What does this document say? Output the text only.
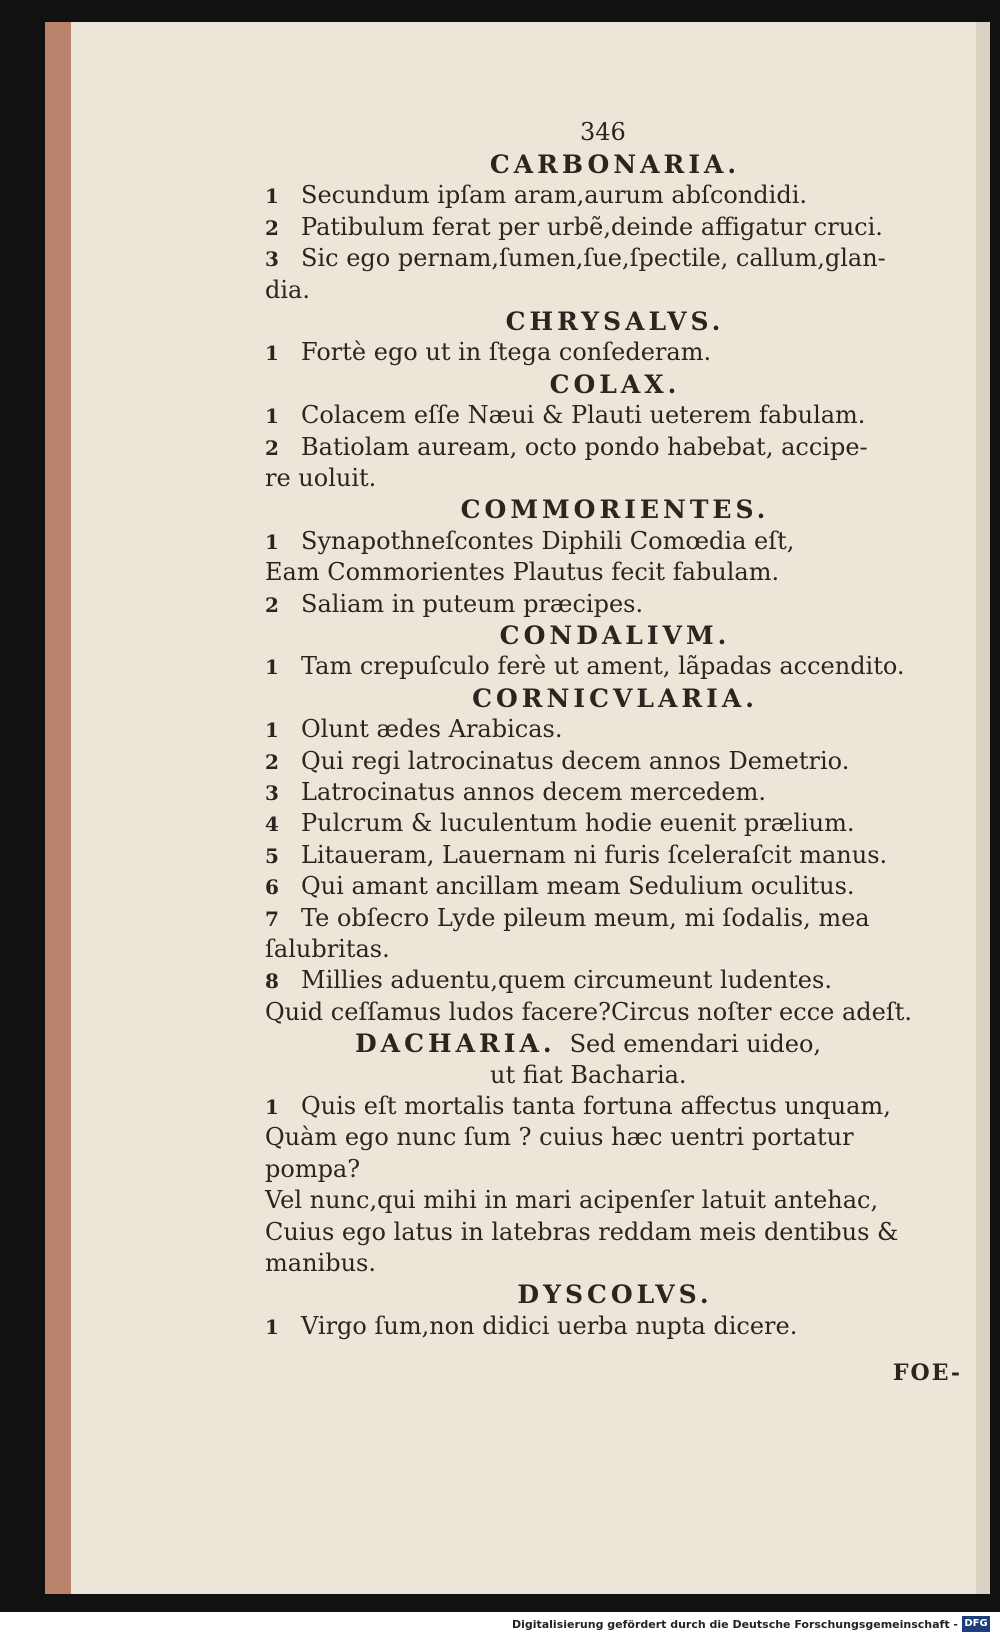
346
CARBONARIA.
1 Secundum ipſam aram,aurum abſcondidi.
2 Patibulum ferat per urbẽ,deinde affigatur cruci.
3 Sic ego pernam,ſumen,ſue,ſpectile, callum,glan-
dia.
CHRYSALVS.
1 Fortè ego ut in ſtega conſederam.
COLAX.
1 Colacem eſſe Næui & Plauti ueterem fabulam.
2 Batiolam auream, octo pondo habebat, accipe-
re uoluit.
COMMORIENTES.
1 Synapothneſcontes Diphili Comœdia eſt,
Eam Commorientes Plautus fecit fabulam.
2 Saliam in puteum præcipes.
CONDALIVM.
1 Tam crepuſculo ferè ut ament, lãpadas accendito.
CORNICVLARIA.
1 Olunt ædes Arabicas.
2 Qui regi latrocinatus decem annos Demetrio.
3 Latrocinatus annos decem mercedem.
4 Pulcrum & luculentum hodie euenit prælium.
5 Litaueram, Lauernam ni furis ſceleraſcit manus.
6 Qui amant ancillam meam Sedulium oculitus.
7 Te obſecro Lyde pileum meum, mi ſodalis, mea
ſalubritas.
8 Millies aduentu,quem circumeunt ludentes.
Quid ceſſamus ludos facere?Circus noſter ecce adeſt.
DACHARIA. Sed emendari uideo,
ut fiat Bacharia.
1 Quis eſt mortalis tanta fortuna affectus unquam,
Quàm ego nunc ſum ? cuius hæc uentri portatur
pompa?
Vel nunc,qui mihi in mari acipenſer latuit antehac,
Cuius ego latus in latebras reddam meis dentibus &
manibus.
DYSCOLVS.
1 Virgo ſum,non didici uerba nupta dicere.
FOE-
Digitalisierung gefördert durch die Deutsche Forschungsgemeinschaft - DFG
